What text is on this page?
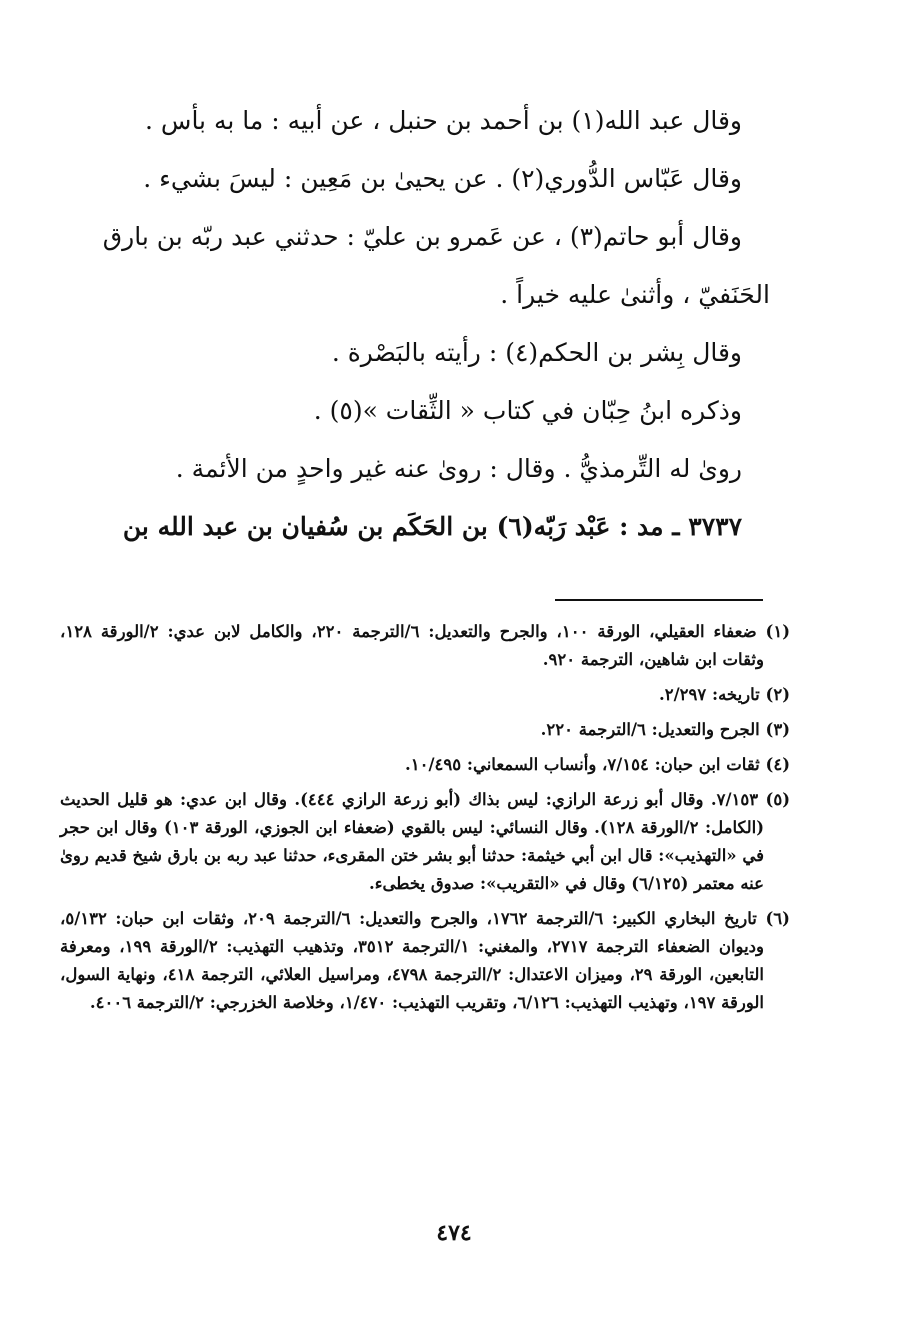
وقال عبد الله(١) بن أحمد بن حنبل ، عن أبيه : ما به بأس .

وقال عَبّاس الدُّوري(٢) . عن يحيىٰ بن مَعِين : ليسَ بشيء .

وقال أبو حاتم(٣) ، عن عَمرو بن عليّ : حدثني عبد ربّه بن بارق

الحَنَفيّ ، وأثنىٰ عليه خيراً .

وقال بِشر بن الحكم(٤) : رأيته بالبَصْرة .

وذكره ابنُ حِبّان في كتاب « الثِّقات »(٥) .

روىٰ له التِّرمذيُّ . وقال : روىٰ عنه غير واحدٍ من الأئمة .

٣٧٣٧ ـ مد : عَبْد رَبّه(٦) بن الحَكَم بن سُفيان بن عبد الله بن

(١) ضعفاء العقيلي، الورقة ١٠٠، والجرح والتعديل: ٦/الترجمة ٢٢٠، والكامل لابن عدي: ٢/الورقة ١٢٨، وثقات ابن شاهين، الترجمة ٩٢٠.

(٢) تاريخه: ٢/٢٩٧.

(٣) الجرح والتعديل: ٦/الترجمة ٢٢٠.

(٤) ثقات ابن حبان: ٧/١٥٤، وأنساب السمعاني: ١٠/٤٩٥.

(٥) ٧/١٥٣. وقال أبو زرعة الرازي: ليس بذاك (أبو زرعة الرازي ٤٤٤). وقال ابن عدي: هو قليل الحديث (الكامل: ٢/الورقة ١٢٨). وقال النسائي: ليس بالقوي (ضعفاء ابن الجوزي، الورقة ١٠٣) وقال ابن حجر في «التهذيب»: قال ابن أبي خيثمة: حدثنا أبو بشر ختن المقرىء، حدثنا عبد ربه بن بارق شيخ قديم روىٰ عنه معتمر (٦/١٢٥) وقال في «التقريب»: صدوق يخطىء.

(٦) تاريخ البخاري الكبير: ٦/الترجمة ١٧٦٢، والجرح والتعديل: ٦/الترجمة ٢٠٩، وثقات ابن حبان: ٥/١٣٢، وديوان الضعفاء الترجمة ٢٧١٧، والمغني: ١/الترجمة ٣٥١٢، وتذهيب التهذيب: ٢/الورقة ١٩٩، ومعرفة التابعين، الورقة ٢٩، وميزان الاعتدال: ٢/الترجمة ٤٧٩٨، ومراسيل العلائي، الترجمة ٤١٨، ونهاية السول، الورقة ١٩٧، وتهذيب التهذيب: ٦/١٢٦، وتقريب التهذيب: ١/٤٧٠، وخلاصة الخزرجي: ٢/الترجمة ٤٠٠٦.

٤٧٤
